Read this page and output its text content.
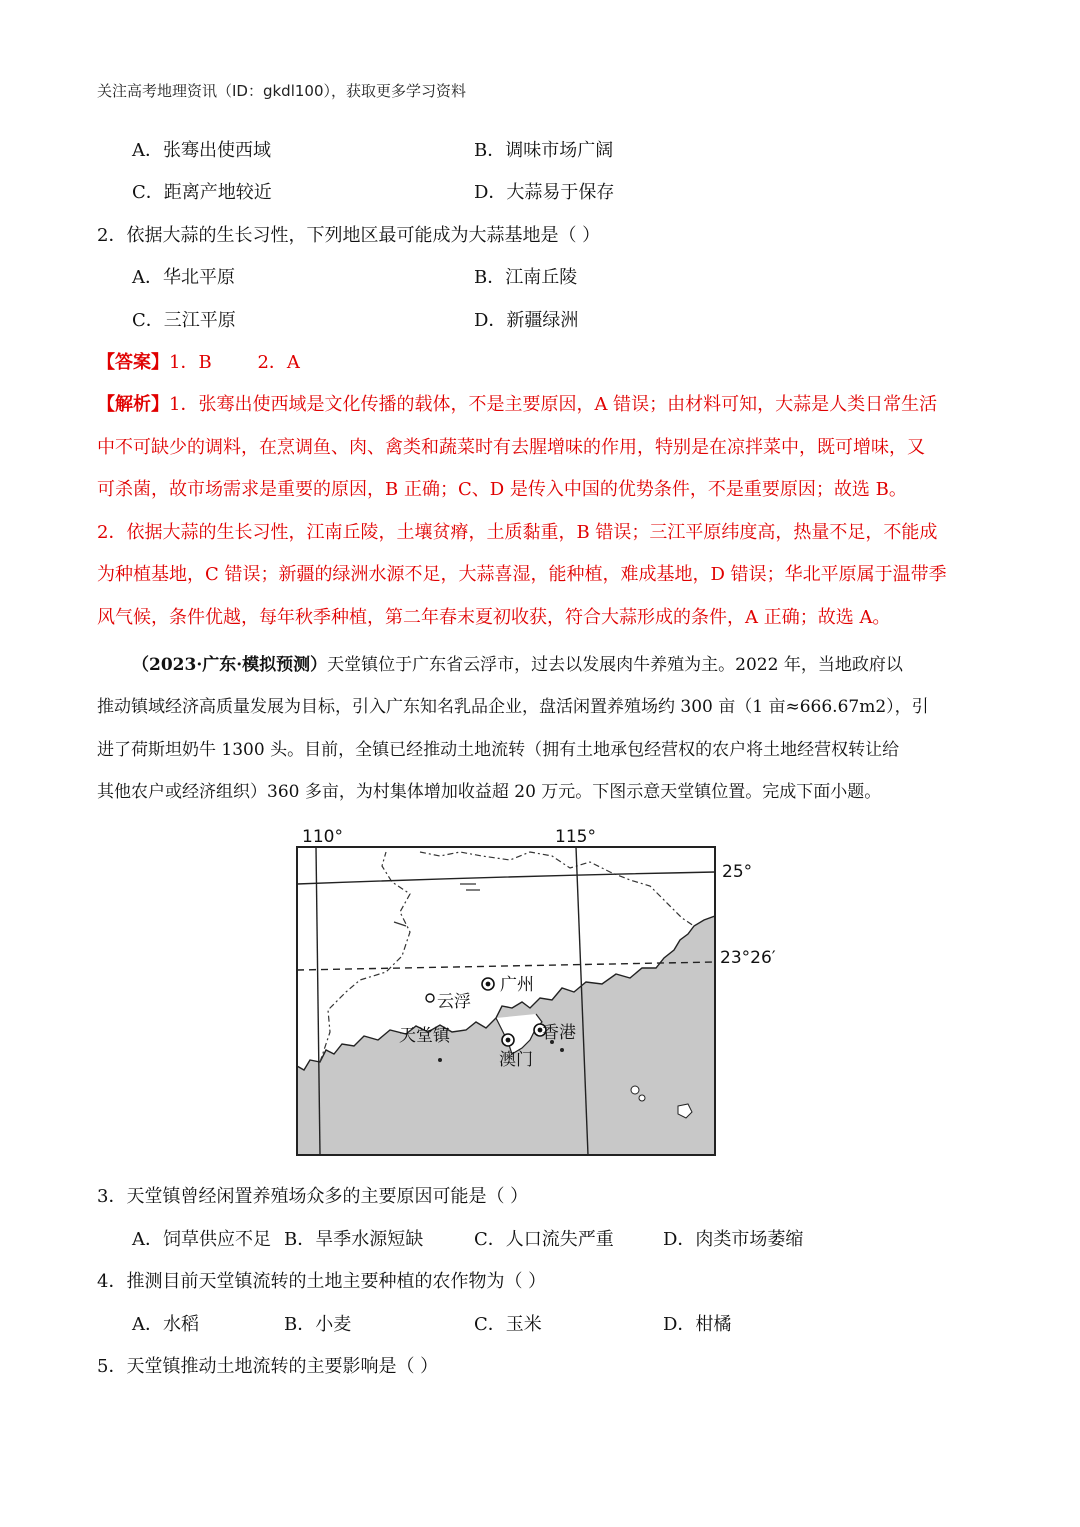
关注高考地理资讯（ID：gkdl100），获取更多学习资料
A．张骞出使西域	B．调味市场广阔
C．距离产地较近	D．大蒜易于保存
2．依据大蒜的生长习性，下列地区最可能成为大蒜基地是（ ）
A．华北平原	B．江南丘陵
C．三江平原	D．新疆绿洲
【答案】1．B        2．A
【解析】1．张骞出使西域是文化传播的载体，不是主要原因，A 错误；由材料可知，大蒜是人类日常生活
中不可缺少的调料，在烹调鱼、肉、禽类和蔬菜时有去腥增味的作用，特别是在凉拌菜中，既可增味，又
可杀菌，故市场需求是重要的原因，B 正确；C、D 是传入中国的优势条件，不是重要原因；故选 B。
2．依据大蒜的生长习性，江南丘陵，土壤贫瘠，土质黏重，B 错误；三江平原纬度高，热量不足，不能成
为种植基地，C 错误；新疆的绿洲水源不足，大蒜喜湿，能种植，难成基地，D 错误；华北平原属于温带季
风气候，条件优越，每年秋季种植，第二年春末夏初收获，符合大蒜形成的条件，A 正确；故选 A。
（2023·广东·模拟预测）天堂镇位于广东省云浮市，过去以发展肉牛养殖为主。2022 年，当地政府以
推动镇域经济高质量发展为目标，引入广东知名乳品企业，盘活闲置养殖场约 300 亩（1 亩≈666.67m2），引
进了荷斯坦奶牛 1300 头。目前，全镇已经推动土地流转（拥有土地承包经营权的农户将土地经营权转让给
其他农户或经济组织）360 多亩，为村集体增加收益超 20 万元。下图示意天堂镇位置。完成下面小题。
110°	115°
25°
23°26′
广州
云浮
天堂镇	香港
澳门
3．天堂镇曾经闲置养殖场众多的主要原因可能是（ ）
A．饲草供应不足 B．旱季水源短缺	C．人口流失严重	D．肉类市场萎缩
4．推测目前天堂镇流转的土地主要种植的农作物为（ ）
A．水稻	B．小麦	C．玉米	D．柑橘
5．天堂镇推动土地流转的主要影响是（ ）
